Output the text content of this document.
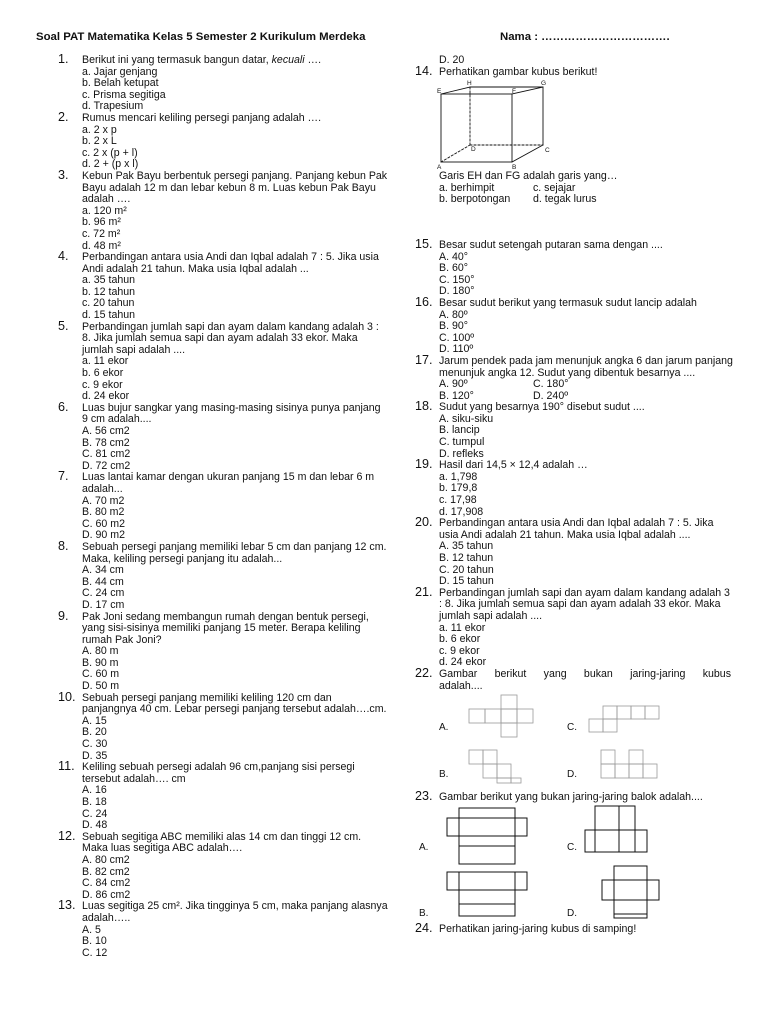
Soal PAT Matematika Kelas 5 Semester 2 Kurikulum Merdeka	Nama : …………………………….
1. Berikut ini yang termasuk bangun datar, kecuali ….
a. Jajar genjang
b. Belah ketupat
c. Prisma segitiga
d. Trapesium
2. Rumus mencari keliling persegi panjang adalah ….
a. 2 x p
b. 2 x L
c. 2 x (p + l)
d. 2 + (p x l)
3. Kebun Pak Bayu berbentuk persegi panjang. Panjang kebun Pak Bayu adalah 12 m dan lebar kebun 8 m. Luas kebun Pak Bayu adalah ….
a. 120 m²
b. 96 m²
c. 72 m²
d. 48 m²
4. Perbandingan antara usia Andi dan Iqbal adalah 7 : 5. Jika usia Andi adalah 21 tahun. Maka usia Iqbal adalah ...
a. 35 tahun
b. 12 tahun
c. 20 tahun
d. 15 tahun
5. Perbandingan jumlah sapi dan ayam dalam kandang adalah 3 : 8. Jika jumlah semua sapi dan ayam adalah 33 ekor. Maka jumlah sapi adalah ....
a. 11 ekor
b. 6 ekor
c. 9 ekor
d. 24 ekor
6. Luas bujur sangkar yang masing-masing sisinya punya panjang 9 cm adalah....
A. 56 cm2
B. 78 cm2
C. 81 cm2
D. 72 cm2
7. Luas lantai kamar dengan ukuran panjang 15 m dan lebar 6 m adalah...
A. 70 m2
B. 80 m2
C. 60 m2
D. 90 m2
8. Sebuah persegi panjang memiliki lebar 5 cm dan panjang 12 cm. Maka, keliling persegi panjang itu adalah...
A. 34 cm
B. 44 cm
C. 24 cm
D. 17 cm
9. Pak Joni sedang membangun rumah dengan bentuk persegi, yang sisi-sisinya memiliki panjang 15 meter. Berapa keliling rumah Pak Joni?
A. 80 m
B. 90 m
C. 60 m
D. 50 m
10. Sebuah persegi panjang memiliki keliling 120 cm dan panjangnya 40 cm. Lebar persegi panjang tersebut adalah….cm.
A. 15
B. 20
C. 30
D. 35
11. Keliling sebuah persegi adalah 96 cm,panjang sisi persegi tersebut adalah…. cm
A. 16
B. 18
C. 24
D. 48
12. Sebuah segitiga ABC memiliki alas 14 cm dan tinggi 12 cm. Maka luas segitiga ABC adalah….
A. 80 cm2
B. 82 cm2
C. 84 cm2
D. 86 cm2
13. Luas segitiga 25 cm². Jika tingginya 5 cm, maka panjang alasnya adalah…..
A. 5
B. 10
C. 12
D. 20
14. Perhatikan gambar kubus berikut!
H	G
E	F
D	C
A	B
Garis EH dan FG adalah garis yang…
a. berhimpit	c. sejajar
b. berpotongan	d. tegak lurus
15. Besar sudut setengah putaran sama dengan ....
A. 40°
B. 60°
C. 150°
D. 180°
16. Besar sudut berikut yang termasuk sudut lancip adalah
A. 80º
B. 90°
C. 100º
D. 110º
17. Jarum pendek pada jam menunjuk angka 6 dan jarum panjang menunjuk angka 12. Sudut yang dibentuk besarnya ....
A. 90º	C. 180°
B. 120°	D. 240º
18. Sudut yang besarnya 190° disebut sudut ....
A. siku-siku
B. lancip
C. tumpul
D. refleks
19. Hasil dari 14,5 × 12,4 adalah …
a. 1,798
b. 179,8
c. 17,98
d. 17,908
20. Perbandingan antara usia Andi dan Iqbal adalah 7 : 5. Jika usia Andi adalah 21 tahun. Maka usia Iqbal adalah ....
A. 35 tahun
B. 12 tahun
C. 20 tahun
D. 15 tahun
21. Perbandingan jumlah sapi dan ayam dalam kandang adalah 3 : 8. Jika jumlah semua sapi dan ayam adalah 33 ekor. Maka jumlah sapi adalah ....
a. 11 ekor
b. 6 ekor
c. 9 ekor
d. 24 ekor
22. Gambar berikut yang bukan jaring-jaring kubus
adalah....
A.
B.
C.
D.
23. Gambar berikut yang bukan jaring-jaring balok adalah....
A.
B.
C.
D.
24. Perhatikan jaring-jaring kubus di samping!
